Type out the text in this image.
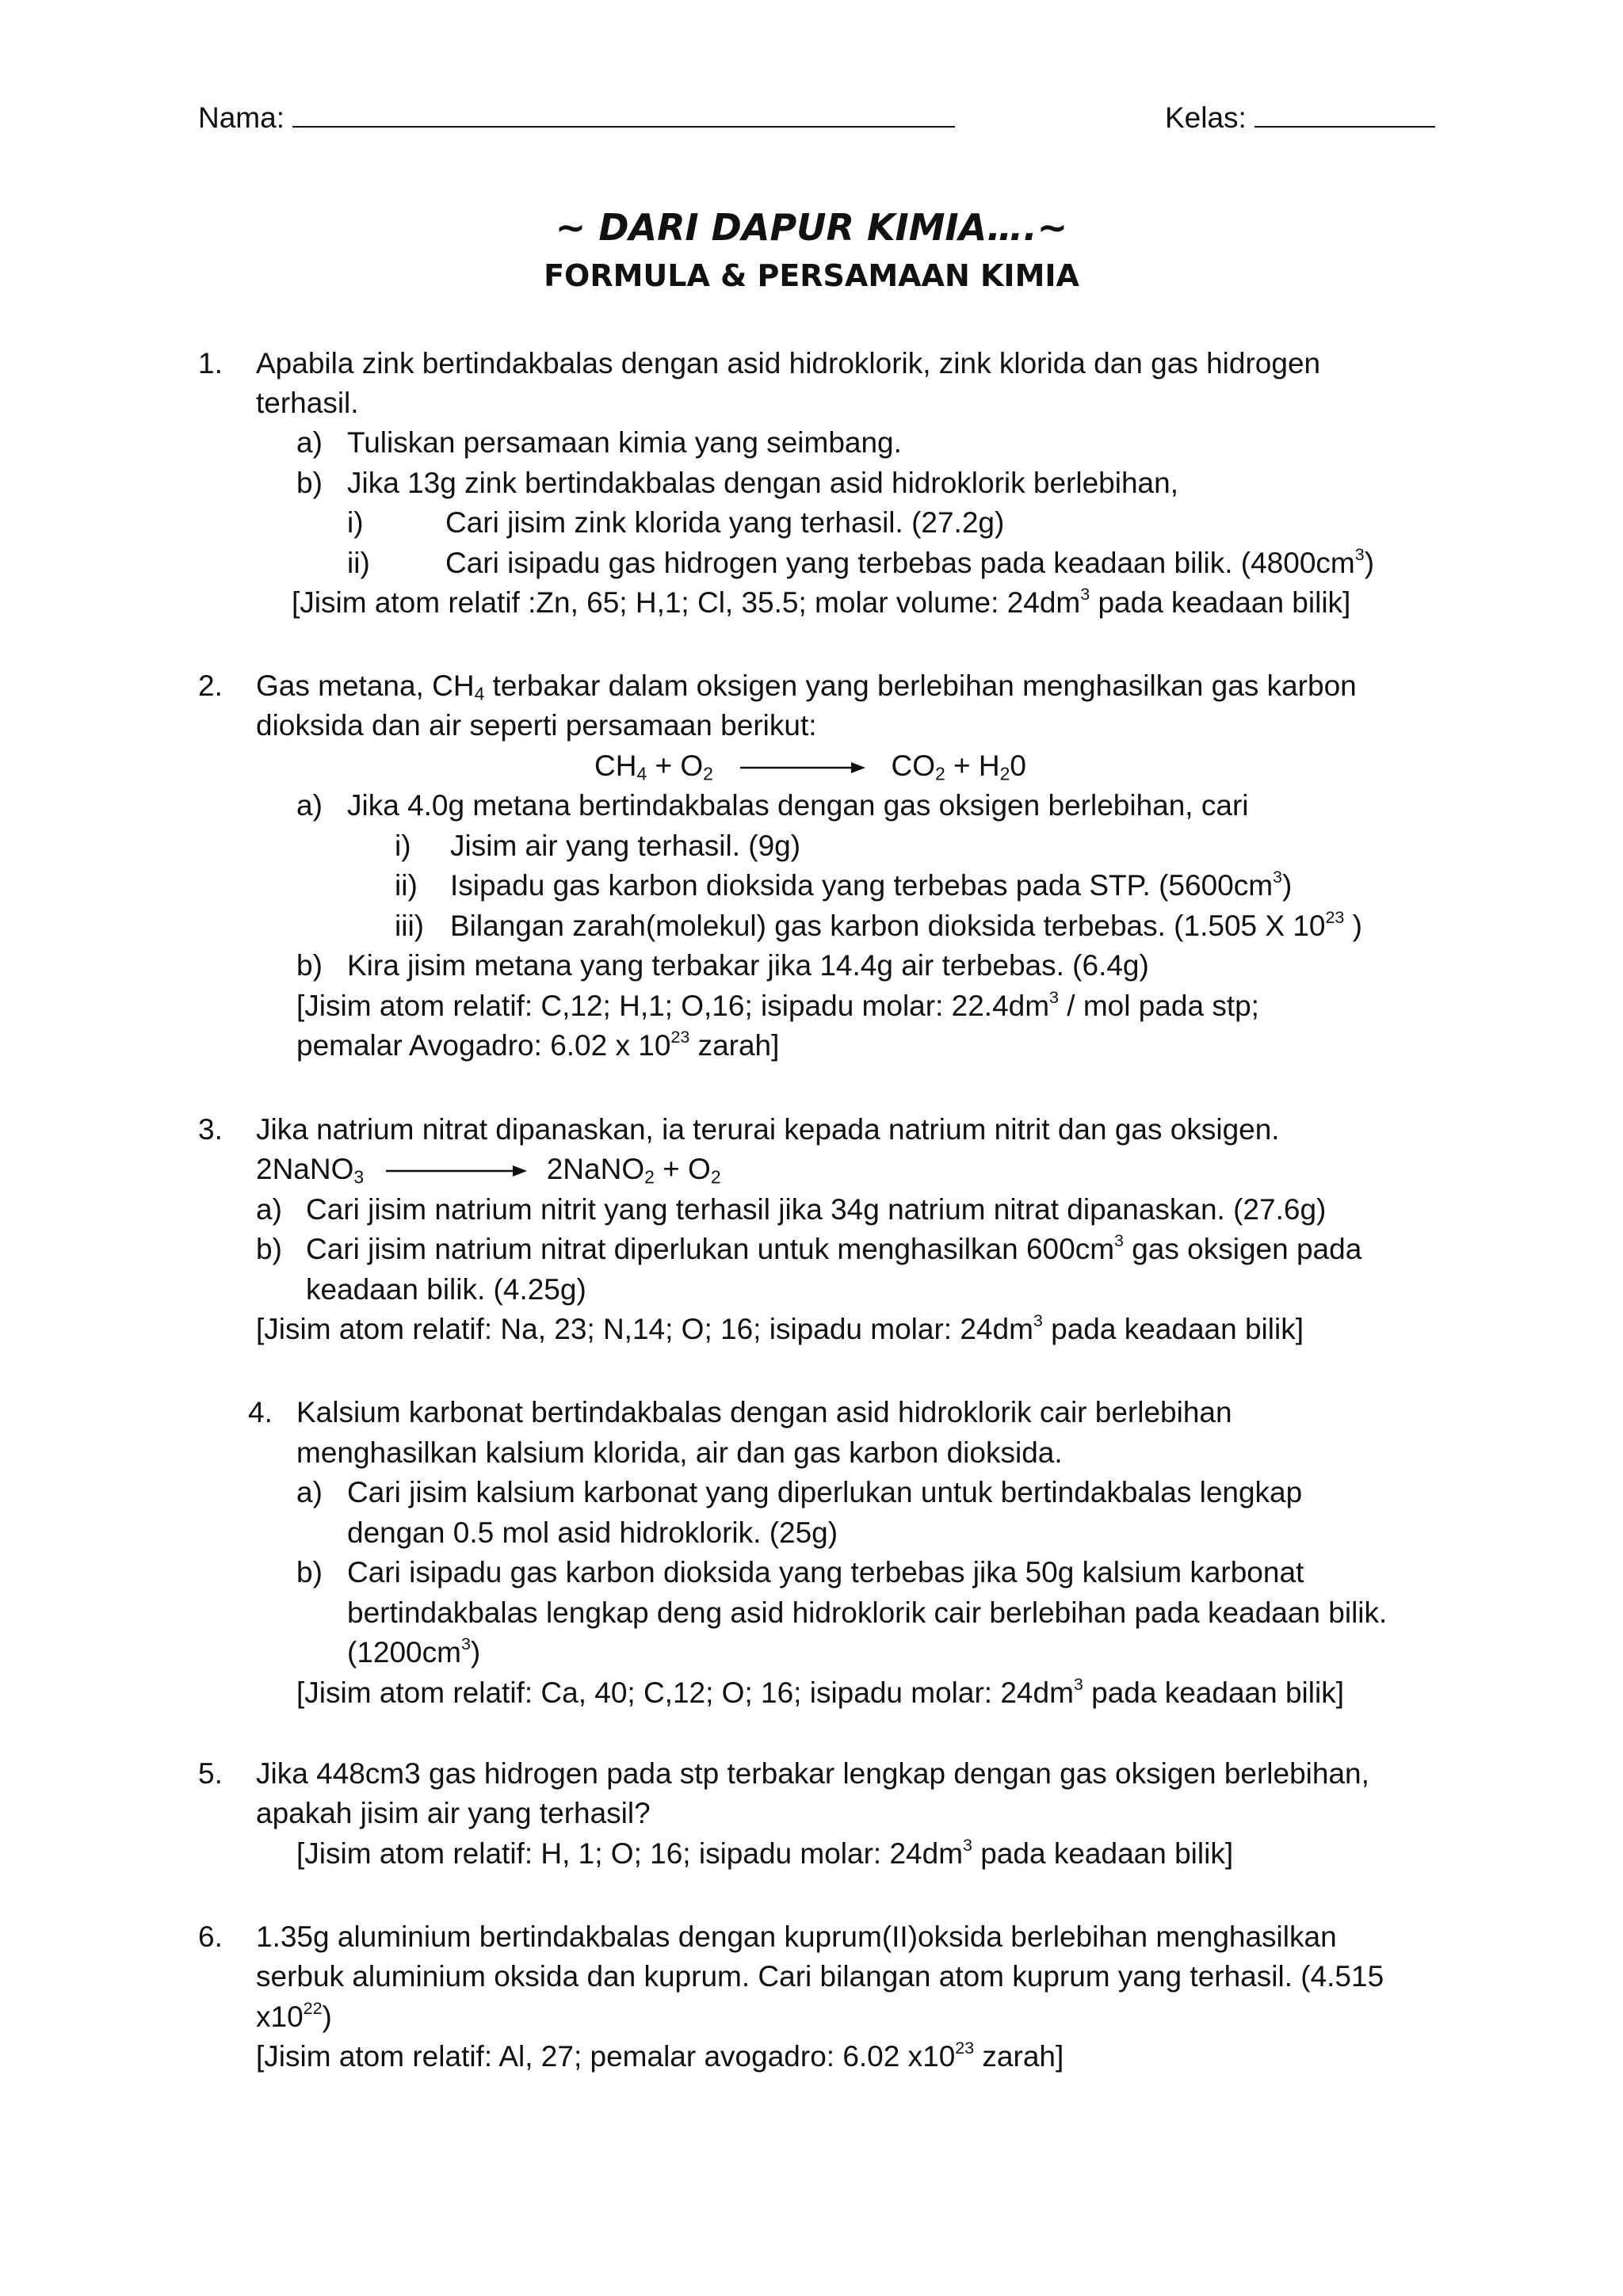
Nama:	Kelas:
~ DARI DAPUR KIMIA….~
FORMULA & PERSAMAAN KIMIA
1. Apabila zink bertindakbalas dengan asid hidroklorik, zink klorida dan gas hidrogen
terhasil.
a) Tuliskan persamaan kimia yang seimbang.
b) Jika 13g zink bertindakbalas dengan asid hidroklorik berlebihan,
i)	Cari jisim zink klorida yang terhasil. (27.2g)
ii)	Cari isipadu gas hidrogen yang terbebas pada keadaan bilik. $(4800cm^3)$
[Jisim atom relatif :Zn, 65; H,1; Cl, 35.5; molar volume: $24dm^3$ pada keadaan bilik]
2. Gas metana, $CH_4$ terbakar dalam oksigen yang berlebihan menghasilkan gas karbon
dioksida dan air seperti persamaan berikut:
$CH_4 + O_2$	$CO_2 + H_20$
a) Jika 4.0g metana bertindakbalas dengan gas oksigen berlebihan, cari
i) Jisim air yang terhasil. (9g)
ii) Isipadu gas karbon dioksida yang terbebas pada STP. $(5600cm^3)$
iii) Bilangan zarah(molekul) gas karbon dioksida terbebas. (1.505 X $10^{23}$ )
b) Kira jisim metana yang terbakar jika 14.4g air terbebas. (6.4g)
[Jisim atom relatif: C,12; H,1; O,16; isipadu molar: $22.4dm^3$ / mol pada stp;
pemalar Avogadro: 6.02 x $10^{23}$ zarah]
3. Jika natrium nitrat dipanaskan, ia terurai kepada natrium nitrit dan gas oksigen.
2NaNO$_3$	2NaNO$_2$ + $O_2$
a) Cari jisim natrium nitrit yang terhasil jika 34g natrium nitrat dipanaskan. (27.6g)
b) Cari jisim natrium nitrat diperlukan untuk menghasilkan $600cm^3$ gas oksigen pada
keadaan bilik. (4.25g)
[Jisim atom relatif: Na, 23; N,14; O; 16; isipadu molar: $24dm^3$ pada keadaan bilik]
4. Kalsium karbonat bertindakbalas dengan asid hidroklorik cair berlebihan
menghasilkan kalsium klorida, air dan gas karbon dioksida.
a) Cari jisim kalsium karbonat yang diperlukan untuk bertindakbalas lengkap
dengan 0.5 mol asid hidroklorik. (25g)
b) Cari isipadu gas karbon dioksida yang terbebas jika 50g kalsium karbonat
bertindakbalas lengkap deng asid hidroklorik cair berlebihan pada keadaan bilik.
$(1200cm^3)$
[Jisim atom relatif: Ca, 40; C,12; O; 16; isipadu molar: $24dm^3$ pada keadaan bilik]
5. Jika 448cm3 gas hidrogen pada stp terbakar lengkap dengan gas oksigen berlebihan,
apakah jisim air yang terhasil?
[Jisim atom relatif: H, 1; O; 16; isipadu molar: $24dm^3$ pada keadaan bilik]
6. 1.35g aluminium bertindakbalas dengan kuprum(II)oksida berlebihan menghasilkan
serbuk aluminium oksida dan kuprum. Cari bilangan atom kuprum yang terhasil. (4.515
$x10^{22}$)
[Jisim atom relatif: Al, 27; pemalar avogadro: 6.02 $x10^{23}$ zarah]
